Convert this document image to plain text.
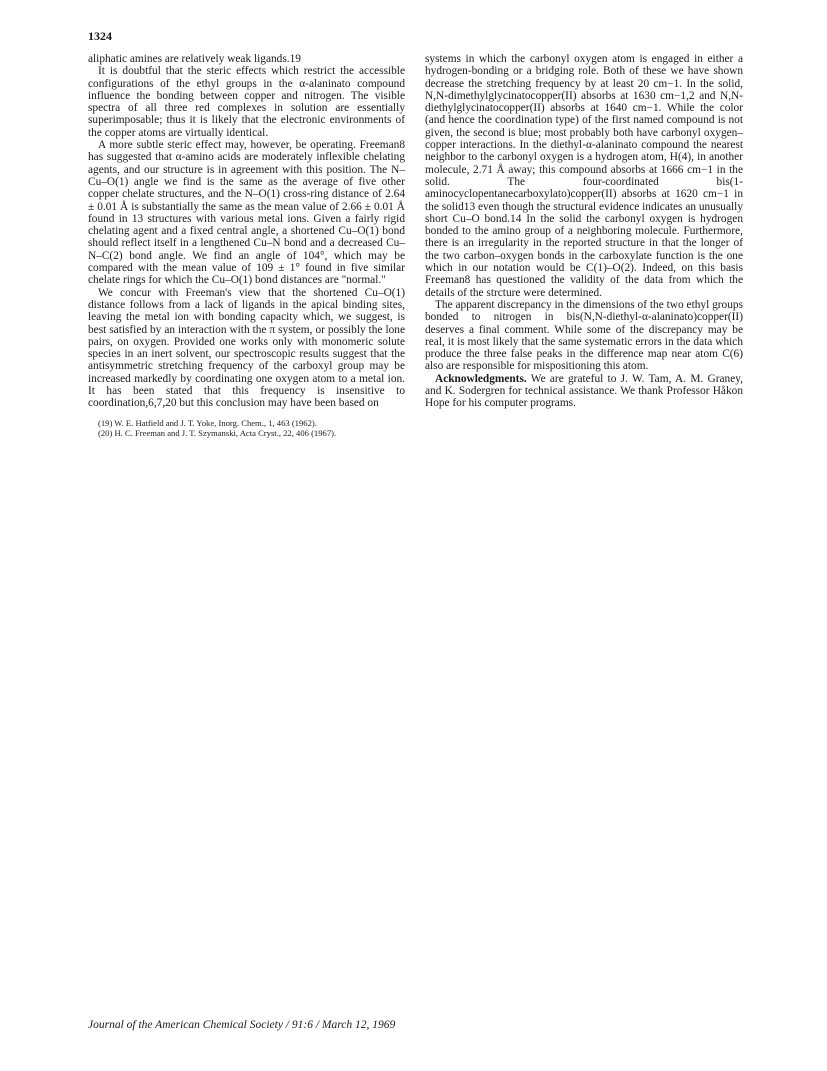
1324

aliphatic amines are relatively weak ligands.19

It is doubtful that the steric effects which restrict the accessible configurations of the ethyl groups in the α-alaninato compound influence the bonding between copper and nitrogen. The visible spectra of all three red complexes in solution are essentially superimposable; thus it is likely that the electronic environments of the copper atoms are virtually identical.

A more subtle steric effect may, however, be operating. Freeman8 has suggested that α-amino acids are moderately inflexible chelating agents, and our structure is in agreement with this position. The N–Cu–O(1) angle we find is the same as the average of five other copper chelate structures, and the N–O(1) cross-ring distance of 2.64 ± 0.01 Å is substantially the same as the mean value of 2.66 ± 0.01 Å found in 13 structures with various metal ions. Given a fairly rigid chelating agent and a fixed central angle, a shortened Cu–O(1) bond should reflect itself in a lengthened Cu–N bond and a decreased Cu–N–C(2) bond angle. We find an angle of 104°, which may be compared with the mean value of 109 ± 1° found in five similar chelate rings for which the Cu–O(1) bond distances are "normal."

We concur with Freeman's view that the shortened Cu–O(1) distance follows from a lack of ligands in the apical binding sites, leaving the metal ion with bonding capacity which, we suggest, is best satisfied by an interaction with the π system, or possibly the lone pairs, on oxygen. Provided one works only with monomeric solute species in an inert solvent, our spectroscopic results suggest that the antisymmetric stretching frequency of the carboxyl group may be increased markedly by coordinating one oxygen atom to a metal ion. It has been stated that this frequency is insensitive to coordination,6,7,20 but this conclusion may have been based on

(19) W. E. Hatfield and J. T. Yoke, Inorg. Chem., 1, 463 (1962).
(20) H. C. Freeman and J. T. Szymanski, Acta Cryst., 22, 406 (1967).

systems in which the carbonyl oxygen atom is engaged in either a hydrogen-bonding or a bridging role. Both of these we have shown decrease the stretching frequency by at least 20 cm−1. In the solid, N,N-dimethylglycinatocopper(II) absorbs at 1630 cm−1,2 and N,N-diethylglycinatocopper(II) absorbs at 1640 cm−1. While the color (and hence the coordination type) of the first named compound is not given, the second is blue; most probably both have carbonyl oxygen–copper interactions. In the diethyl-α-alaninato compound the nearest neighbor to the carbonyl oxygen is a hydrogen atom, H(4), in another molecule, 2.71 Å away; this compound absorbs at 1666 cm−1 in the solid. The four-coordinated bis(1-aminocyclopentanecarboxylato)copper(II) absorbs at 1620 cm−1 in the solid13 even though the structural evidence indicates an unusually short Cu–O bond.14 In the solid the carbonyl oxygen is hydrogen bonded to the amino group of a neighboring molecule. Furthermore, there is an irregularity in the reported structure in that the longer of the two carbon–oxygen bonds in the carboxylate function is the one which in our notation would be C(1)–O(2). Indeed, on this basis Freeman8 has questioned the validity of the data from which the details of the strcture were determined.

The apparent discrepancy in the dimensions of the two ethyl groups bonded to nitrogen in bis(N,N-diethyl-α-alaninato)copper(II) deserves a final comment. While some of the discrepancy may be real, it is most likely that the same systematic errors in the data which produce the three false peaks in the difference map near atom C(6) also are responsible for mispositioning this atom.

Acknowledgments. We are grateful to J. W. Tam, A. M. Graney, and K. Sodergren for technical assistance. We thank Professor Håkon Hope for his computer programs.

Journal of the American Chemical Society / 91:6 / March 12, 1969
